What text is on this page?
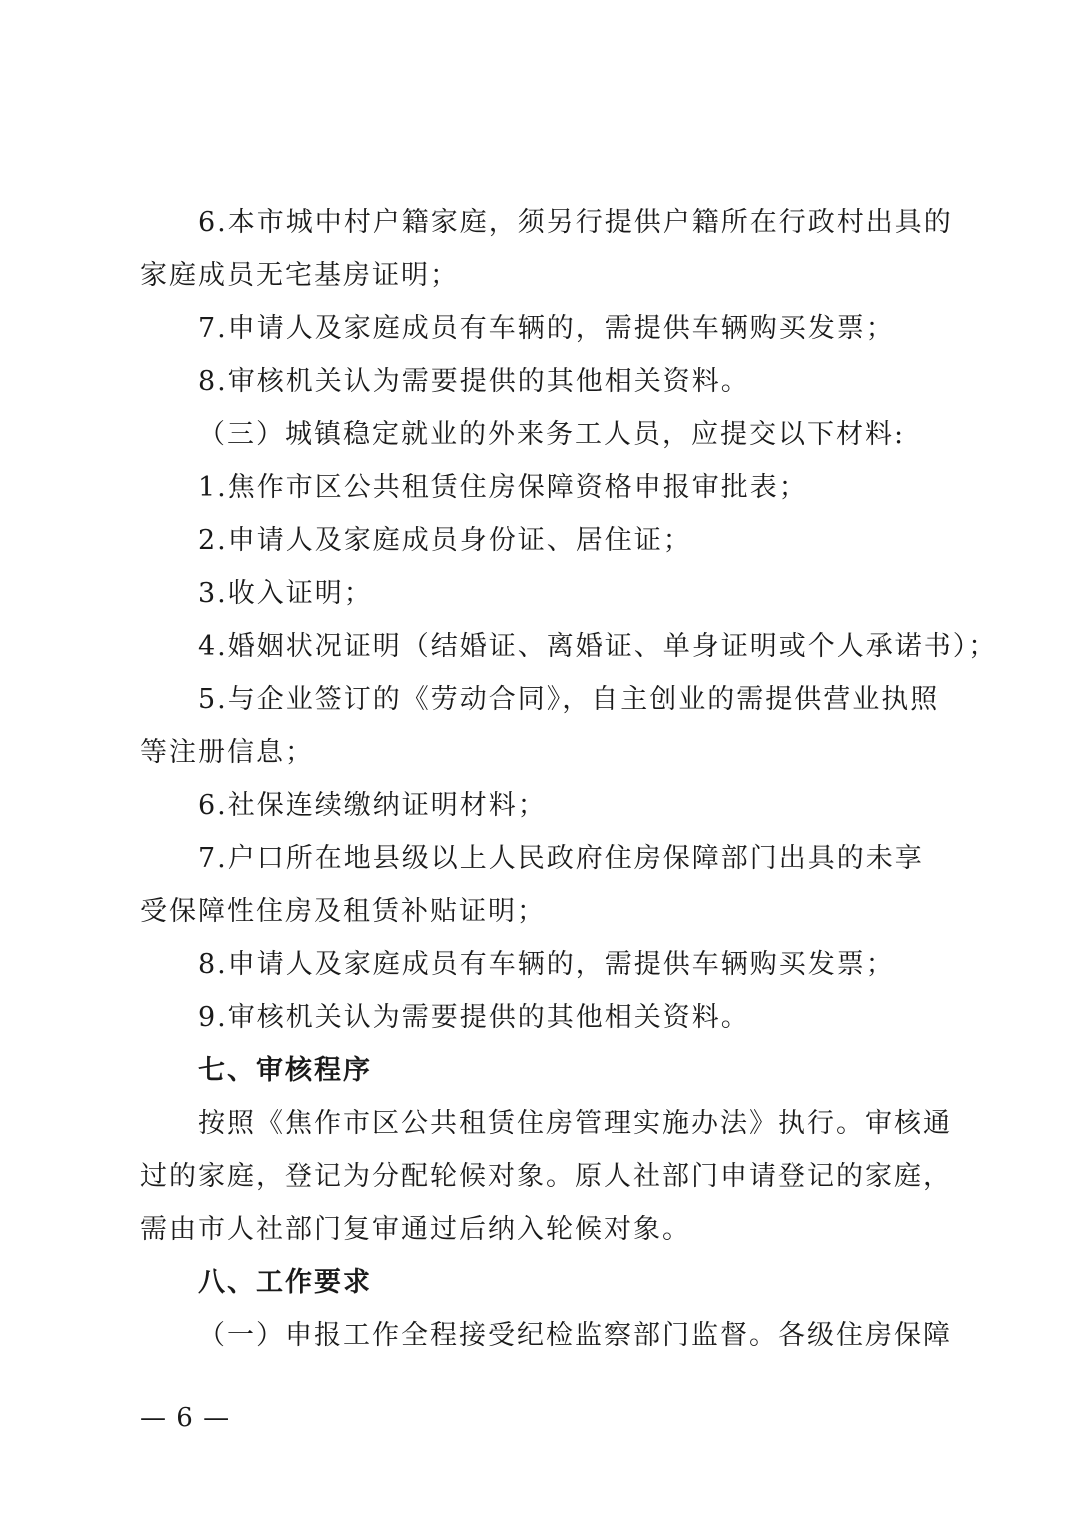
6.本市城中村户籍家庭，须另行提供户籍所在行政村出具的

家庭成员无宅基房证明；

7.申请人及家庭成员有车辆的，需提供车辆购买发票；

8.审核机关认为需要提供的其他相关资料。

（三）城镇稳定就业的外来务工人员，应提交以下材料:

1.焦作市区公共租赁住房保障资格申报审批表；

2.申请人及家庭成员身份证、居住证；

3.收入证明；

4.婚姻状况证明（结婚证、离婚证、单身证明或个人承诺书）；

5.与企业签订的《劳动合同》，自主创业的需提供营业执照

等注册信息；

6.社保连续缴纳证明材料；

7.户口所在地县级以上人民政府住房保障部门出具的未享

受保障性住房及租赁补贴证明；

8.申请人及家庭成员有车辆的，需提供车辆购买发票；

9.审核机关认为需要提供的其他相关资料。

七、审核程序

按照《焦作市区公共租赁住房管理实施办法》执行。审核通

过的家庭，登记为分配轮候对象。原人社部门申请登记的家庭，

需由市人社部门复审通过后纳入轮候对象。

八、工作要求

（一）申报工作全程接受纪检监察部门监督。各级住房保障

— 6 —
